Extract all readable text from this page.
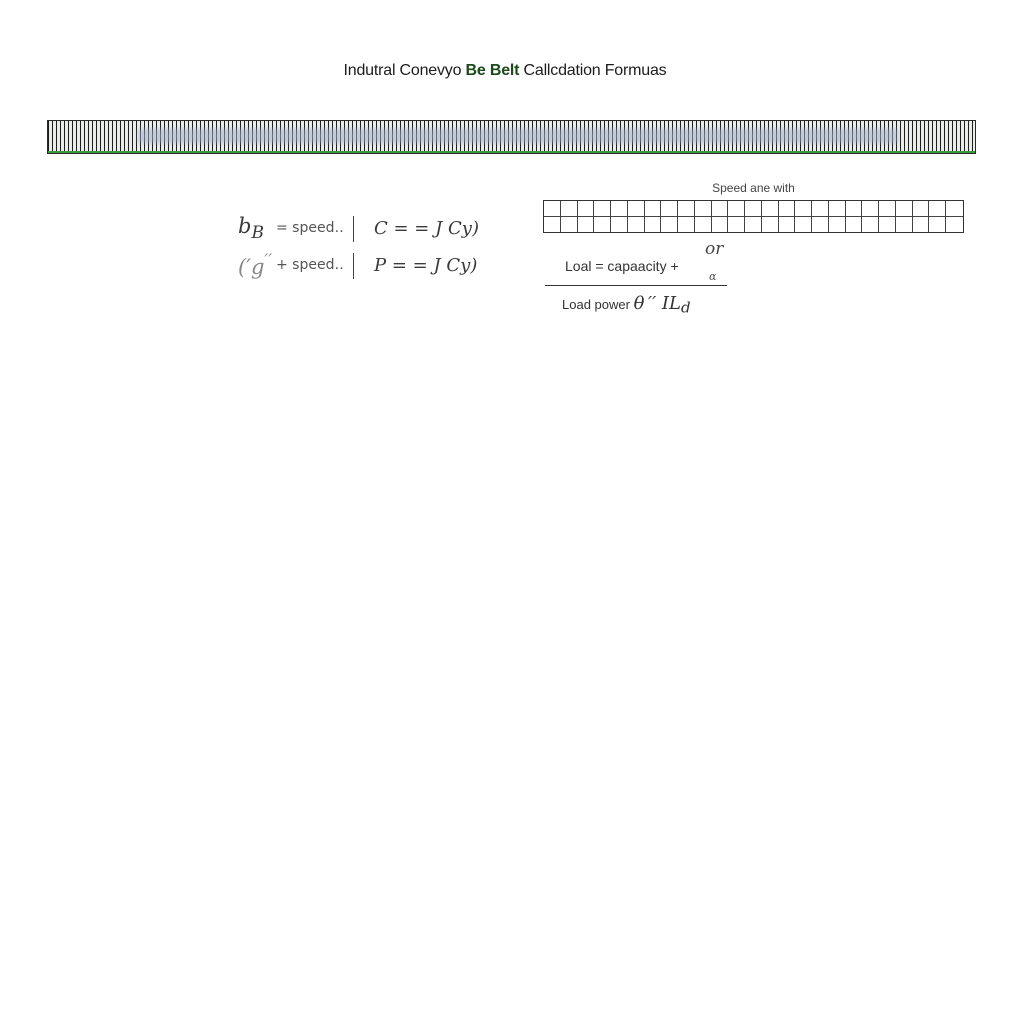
Indutral Conevyo Be Belt Callcdation Formuas
$b_B$ = speed‥ C = = J Cy)
(′g′′ + speed‥ P = = J Cy)
Speed ane with
Loal = capaacity +
or
α
Load power θ ′′ $IL_d$
